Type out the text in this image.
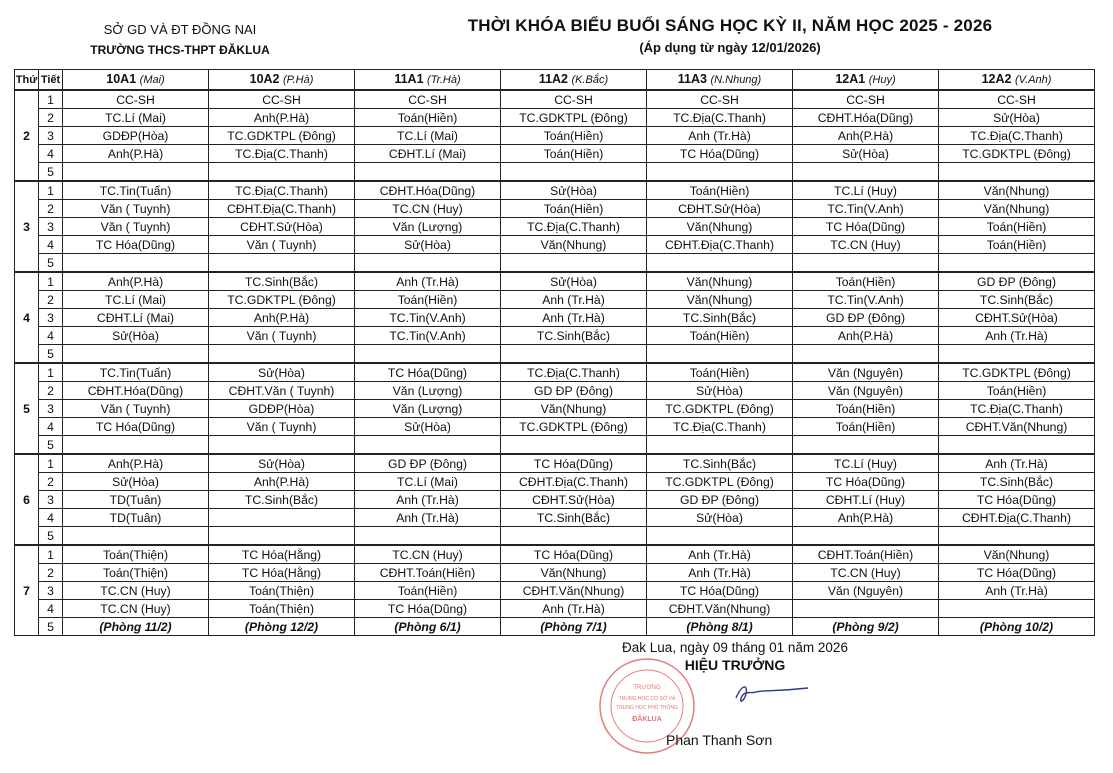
SỞ GD VÀ ĐT ĐỒNG NAI
TRƯỜNG THCS-THPT ĐĂKLUA
THỜI KHÓA BIỂU BUỔI SÁNG HỌC KỲ II, NĂM HỌC 2025 - 2026
(Áp dụng từ ngày 12/01/2026)
Thứ	Tiết	10A1 (Mai)	10A2 (P.Hà)	11A1 (Tr.Hà)	11A2 (K.Bắc)	11A3 (N.Nhung)	12A1 (Huy)	12A2 (V.Anh)
2	1	CC-SH	CC-SH	CC-SH	CC-SH	CC-SH	CC-SH	CC-SH
	2	TC.Lí (Mai)	Anh(P.Hà)	Toán(Hiền)	TC.GDKTPL (Đông)	TC.Địa(C.Thanh)	CĐHT.Hóa(Dũng)	Sử(Hòa)
	3	GDĐP(Hòa)	TC.GDKTPL (Đông)	TC.Lí (Mai)	Toán(Hiền)	Anh (Tr.Hà)	Anh(P.Hà)	TC.Địa(C.Thanh)
	4	Anh(P.Hà)	TC.Địa(C.Thanh)	CĐHT.Lí (Mai)	Toán(Hiền)	TC Hóa(Dũng)	Sử(Hòa)	TC.GDKTPL (Đông)
	5							
3	1	TC.Tin(Tuấn)	TC.Địa(C.Thanh)	CĐHT.Hóa(Dũng)	Sử(Hòa)	Toán(Hiền)	TC.Lí (Huy)	Văn(Nhung)
	2	Văn ( Tuynh)	CĐHT.Địa(C.Thanh)	TC.CN (Huy)	Toán(Hiền)	CĐHT.Sử(Hòa)	TC.Tin(V.Anh)	Văn(Nhung)
	3	Văn ( Tuynh)	CĐHT.Sử(Hòa)	Văn (Lượng)	TC.Địa(C.Thanh)	Văn(Nhung)	TC Hóa(Dũng)	Toán(Hiền)
	4	TC Hóa(Dũng)	Văn ( Tuynh)	Sử(Hòa)	Văn(Nhung)	CĐHT.Địa(C.Thanh)	TC.CN (Huy)	Toán(Hiền)
	5							
4	1	Anh(P.Hà)	TC.Sinh(Bắc)	Anh (Tr.Hà)	Sử(Hòa)	Văn(Nhung)	Toán(Hiền)	GD ĐP (Đông)
	2	TC.Lí (Mai)	TC.GDKTPL (Đông)	Toán(Hiền)	Anh (Tr.Hà)	Văn(Nhung)	TC.Tin(V.Anh)	TC.Sinh(Bắc)
	3	CĐHT.Lí (Mai)	Anh(P.Hà)	TC.Tin(V.Anh)	Anh (Tr.Hà)	TC.Sinh(Bắc)	GD ĐP (Đông)	CĐHT.Sử(Hòa)
	4	Sử(Hòa)	Văn ( Tuynh)	TC.Tin(V.Anh)	TC.Sinh(Bắc)	Toán(Hiền)	Anh(P.Hà)	Anh (Tr.Hà)
	5							
5	1	TC.Tin(Tuấn)	Sử(Hòa)	TC Hóa(Dũng)	TC.Địa(C.Thanh)	Toán(Hiền)	Văn (Nguyên)	TC.GDKTPL (Đông)
	2	CĐHT.Hóa(Dũng)	CĐHT.Văn ( Tuynh)	Văn (Lượng)	GD ĐP (Đông)	Sử(Hòa)	Văn (Nguyên)	Toán(Hiền)
	3	Văn ( Tuynh)	GDĐP(Hòa)	Văn (Lượng)	Văn(Nhung)	TC.GDKTPL (Đông)	Toán(Hiền)	TC.Địa(C.Thanh)
	4	TC Hóa(Dũng)	Văn ( Tuynh)	Sử(Hòa)	TC.GDKTPL (Đông)	TC.Địa(C.Thanh)	Toán(Hiền)	CĐHT.Văn(Nhung)
	5							
6	1	Anh(P.Hà)	Sử(Hòa)	GD ĐP (Đông)	TC Hóa(Dũng)	TC.Sinh(Bắc)	TC.Lí (Huy)	Anh (Tr.Hà)
	2	Sử(Hòa)	Anh(P.Hà)	TC.Lí (Mai)	CĐHT.Địa(C.Thanh)	TC.GDKTPL (Đông)	TC Hóa(Dũng)	TC.Sinh(Bắc)
	3	TD(Tuân)	TC.Sinh(Bắc)	Anh (Tr.Hà)	CĐHT.Sử(Hòa)	GD ĐP (Đông)	CĐHT.Lí (Huy)	TC Hóa(Dũng)
	4	TD(Tuân)		Anh (Tr.Hà)	TC.Sinh(Bắc)	Sử(Hòa)	Anh(P.Hà)	CĐHT.Địa(C.Thanh)
	5							
7	1	Toán(Thiện)	TC Hóa(Hằng)	TC.CN (Huy)	TC Hóa(Dũng)	Anh (Tr.Hà)	CĐHT.Toán(Hiền)	Văn(Nhung)
	2	Toán(Thiện)	TC Hóa(Hằng)	CĐHT.Toán(Hiền)	Văn(Nhung)	Anh (Tr.Hà)	TC.CN (Huy)	TC Hóa(Dũng)
	3	TC.CN (Huy)	Toán(Thiện)	Toán(Hiền)	CĐHT.Văn(Nhung)	TC Hóa(Dũng)	Văn (Nguyên)	Anh (Tr.Hà)
	4	TC.CN (Huy)	Toán(Thiện)	TC Hóa(Dũng)	Anh (Tr.Hà)	CĐHT.Văn(Nhung)		
	5	(Phòng 11/2)	(Phòng 12/2)	(Phòng 6/1)	(Phòng 7/1)	(Phòng 8/1)	(Phòng 9/2)	(Phòng 10/2)
Đak Lua, ngày 09 tháng 01 năm 2026
HIỆU TRƯỞNG
TRƯỜNG
TRUNG HỌC CƠ SỞ VÀ
TRUNG HỌC PHỔ THÔNG
ĐĂKLUA
Phan Thanh Sơn
